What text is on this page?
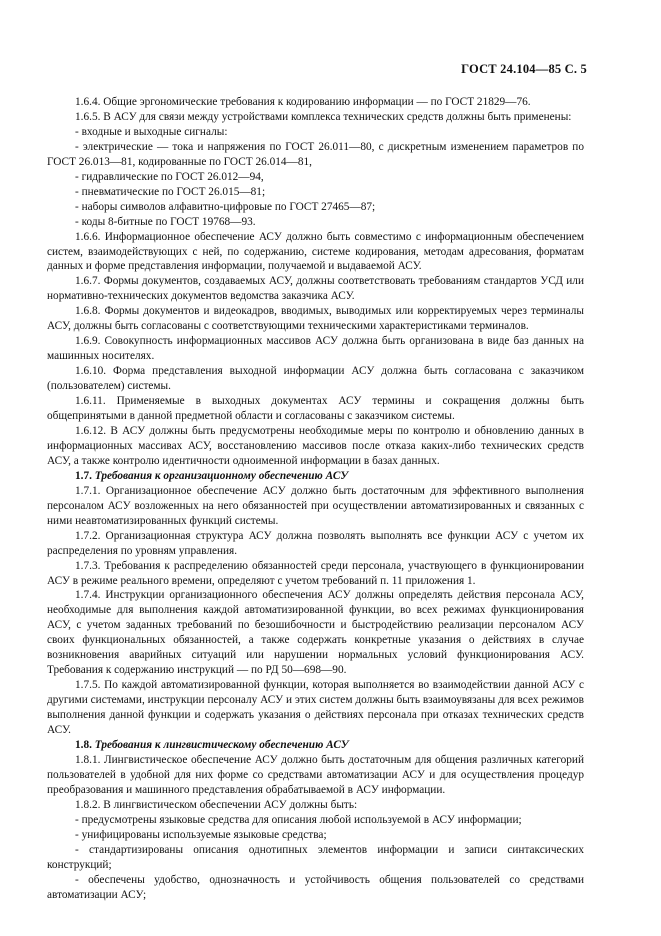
ГОСТ 24.104—85 С. 5

1.6.4. Общие эргономические требования к кодированию информации — по ГОСТ 21829—76.

1.6.5. В АСУ для связи между устройствами комплекса технических средств должны быть применены:

- входные и выходные сигналы:

- электрические — тока и напряжения по ГОСТ 26.011—80, с дискретным изменением параметров по ГОСТ 26.013—81, кодированные по ГОСТ 26.014—81,

- гидравлические по ГОСТ 26.012—94,

- пневматические по ГОСТ 26.015—81;

- наборы символов алфавитно-цифровые по ГОСТ 27465—87;

- коды 8-битные по ГОСТ 19768—93.

1.6.6. Информационное обеспечение АСУ должно быть совместимо с информационным обеспечением систем, взаимодействующих с ней, по содержанию, системе кодирования, методам адресования, форматам данных и форме представления информации, получаемой и выдаваемой АСУ.

1.6.7. Формы документов, создаваемых АСУ, должны соответствовать требованиям стандартов УСД или нормативно-технических документов ведомства заказчика АСУ.

1.6.8. Формы документов и видеокадров, вводимых, выводимых или корректируемых через терминалы АСУ, должны быть согласованы с соответствующими техническими характеристиками терминалов.

1.6.9. Совокупность информационных массивов АСУ должна быть организована в виде баз данных на машинных носителях.

1.6.10. Форма представления выходной информации АСУ должна быть согласована с заказчиком (пользователем) системы.

1.6.11. Применяемые в выходных документах АСУ термины и сокращения должны быть общепринятыми в данной предметной области и согласованы с заказчиком системы.

1.6.12. В АСУ должны быть предусмотрены необходимые меры по контролю и обновлению данных в информационных массивах АСУ, восстановлению массивов после отказа каких-либо технических средств АСУ, а также контролю идентичности одноименной информации в базах данных.

1.7. Требования к организационному обеспечению АСУ

1.7.1. Организационное обеспечение АСУ должно быть достаточным для эффективного выполнения персоналом АСУ возложенных на него обязанностей при осуществлении автоматизированных и связанных с ними неавтоматизированных функций системы.

1.7.2. Организационная структура АСУ должна позволять выполнять все функции АСУ с учетом их распределения по уровням управления.

1.7.3. Требования к распределению обязанностей среди персонала, участвующего в функционировании АСУ в режиме реального времени, определяют с учетом требований п. 11 приложения 1.

1.7.4. Инструкции организационного обеспечения АСУ должны определять действия персонала АСУ, необходимые для выполнения каждой автоматизированной функции, во всех режимах функционирования АСУ, с учетом заданных требований по безошибочности и быстродействию реализации персоналом АСУ своих функциональных обязанностей, а также содержать конкретные указания о действиях в случае возникновения аварийных ситуаций или нарушении нормальных условий функционирования АСУ. Требования к содержанию инструкций — по РД 50—698—90.

1.7.5. По каждой автоматизированной функции, которая выполняется во взаимодействии данной АСУ с другими системами, инструкции персоналу АСУ и этих систем должны быть взаимоувязаны для всех режимов выполнения данной функции и содержать указания о действиях персонала при отказах технических средств АСУ.

1.8. Требования к лингвистическому обеспечению АСУ

1.8.1. Лингвистическое обеспечение АСУ должно быть достаточным для общения различных категорий пользователей в удобной для них форме со средствами автоматизации АСУ и для осуществления процедур преобразования и машинного представления обрабатываемой в АСУ информации.

1.8.2. В лингвистическом обеспечении АСУ должны быть:

- предусмотрены языковые средства для описания любой используемой в АСУ информации;

- унифицированы используемые языковые средства;

- стандартизированы описания однотипных элементов информации и записи синтаксических конструкций;

- обеспечены удобство, однозначность и устойчивость общения пользователей со средствами автоматизации АСУ;
